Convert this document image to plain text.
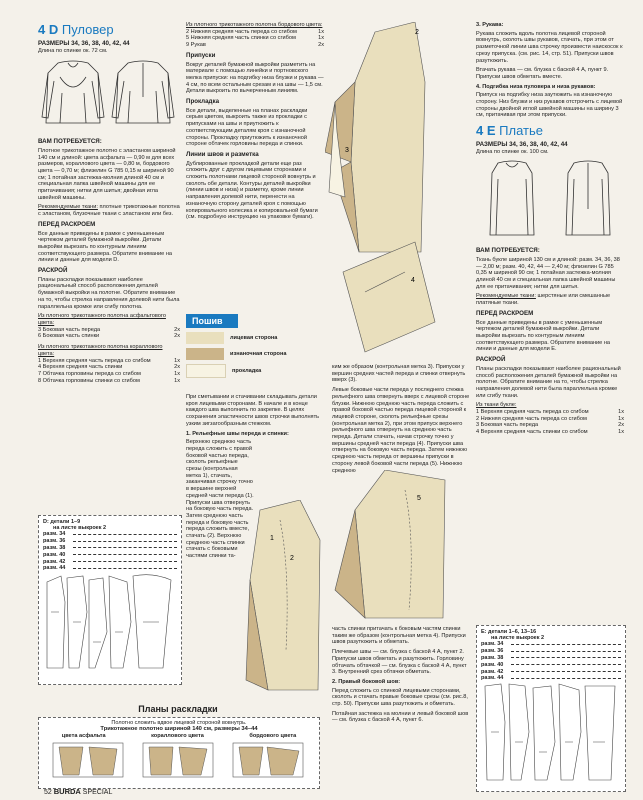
4 D Пуловер
РАЗМЕРЫ 34, 36, 38, 40, 42, 44
Длина по спинке ок. 72 см.
ВАМ ПОТРЕБУЕТСЯ:
Плотное трикотажное полотно с эластаном шириной 140 см и длиной: цвета асфальта — 0,90 м для всех размеров, кораллового цвета — 0,80 м, бордового цвета — 0,70 м; флизелин G 785 0,15 м шириной 90 см; 1 потайная застежка-молния длиной 40 см и специальная лапка швейной машины для ее притачивания; нитки для шитья; двойная игла швейной машины.
Рекомендуемые ткани: плотные трикотажные полотна с эластаном, блузочные ткани с эластаном или без.
ПЕРЕД РАСКРОЕМ
Все данные приведены в рамке с уменьшенным чертежом деталей бумажной выкройки. Детали выкройки вырезать по контурным линиям соответствующего размера. Обратите внимание на линии и данные для модели D.
РАСКРОЙ
Планы раскладки показывают наиболее рациональный способ расположения деталей бумажной выкройки на полотне. Обратите внимание на то, чтобы стрелка направления долевой нити была параллельна кромке или сгибу полотна.
Из плотного трикотажного полотна асфальтового цвета:
3 Боковая часть переда	2x
6 Боковая часть спинки	2x
Из плотного трикотажного полотна кораллового цвета:
1 Верхняя средняя часть переда со сгибом	1x
4 Верхняя средняя часть спинки	2x
7 Обтачка горловины переда со сгибом	1x
8 Обтачка горловины спинки со сгибом	1x
D: детали 1–9
на листе выкроек 2
разм. 34
разм. 36
разм. 38
разм. 40
разм. 42
разм. 44
Из плотного трикотажного полотна бордового цвета:
2 Нижняя средняя часть переда со сгибом	1x
5 Нижняя средняя часть спинки со сгибом	1x
9 Рукав	2x
Припуски
Вокруг деталей бумажной выкройки разметить на материале с помощью линейки и портновского мелка припуски: на подгибку низа блузки и рукава — 4 см, по всем остальным срезам и на швы — 1,5 см. Детали выкроить по вычерченным линиям.
Прокладка
Все детали, выделенные на планах раскладки серым цветом, выкроить также из прокладки с припусками на швы и приутюжить к соответствующим деталям кроя с изнаночной стороны. Прокладку приутюжить к изнаночной стороне обтачек горловины переда и спинки.
Линии швов и разметка
Дублированные прокладкой детали еще раз сложить друг с другом лицевыми сторонами и сложить полотнами лицевой стороной вовнутрь и сколоть обе детали. Контуры деталей выкройки (линии швов и низа) и разметку, кроме линии направления долевой нити, перенести на изнаночную сторону деталей кроя с помощью копировального колесика и копировальной бумаги (см. подробную инструкцию на упаковке бумаги).
Пошив
лицевая сторона
изнаночная сторона
прокладка
При сметывании и стачивании складывать детали кроя лицевыми сторонами. В начале и в конце каждого шва выполнить по закрепке. В целях сохранения эластичности швов строчки выполнять узким зигзагообразным стежком.
1. Рельефные швы переда и спинки:
Верхнюю среднюю часть переда сложить с правой боковой частью переда, сколоть рельефные срезы (контрольная метка 1), стачать, заканчивая строчку точно в вершине верхней средней части переда (1). Припуски шва отвернуть на боковую часть переда. Затем среднюю часть переда и боковую часть переда сложить вместе, стачать (2). Верхнюю среднюю часть спинки стачать с боковыми частями спинки та-	2
1
2
3
4
ким же образом (контрольная метка 3). Припуски у вершин средних частей переда и спинки отвернуть вверх (3).
Левые боковые части переда у последнего стежка рельефного шва отвернуть вверх с лицевой стороне блузки. Нижнюю среднюю часть переда сложить с правой боковой частью переда лицевой стороной к лицевой стороне, сколоть рельефные срезы (контрольная метка 2), при этом припуск верхнего рельефного шва отвернуть на среднюю часть переда. Детали стачать, начав строчку точно у вершины средней части переда (4). Припуски шва отвернуть на боковую часть переда. Затем нижнюю среднюю часть переда от вершины припуски в сторону левой боковой части переда (5). Нижнюю среднюю
5
часть спинки притачать к боковым частям спинки таким же образом (контрольная метка 4). Припуски швов разутюжить и обметать.
Плечевые швы — см. блузка с баской 4 А, пункт 2. Припуски швов обметать и разутюжить. Горловину обтачать обтачкой — см. блузка с баской 4 А, пункт 3. Внутренний срез обтачки обметать.
2. Правый боковой шов:
Перед сложить со спинкой лицевыми сторонами, сколоть и стачать правые боковые срезы (см. рис.8, стр. 50). Припуски шва разутюжить и обметать.
Потайная застежка на молнии и левый боковой шов — см. блузка с баской 4 А, пункт 6.
3. Рукава:
Рукава сложить вдоль полотна лицевой стороной вовнутрь, сколоть швы рукавов, стачать, при этом от разметочной линии шва строчку произвести наискосок к срезу припуска. (см. рис. 14, стр. 51). Припуски швов разутюжить.
Втачать рукава — см. блузка с баской 4 А, пункт 9. Припуски швов обметать вместе.
4. Подгибка низа пуловера и низа рукавов:
Припуск на подгибку низа заутюжить на изнаночную сторону. Низ блузки и низ рукавов отстрочить с лицевой стороны двойной иглой швейной машины на ширину 3 см, притачивая при этом припуски.
4 E Платье
РАЗМЕРЫ 34, 36, 38, 40, 42, 44
Длина по спинке ок. 100 см.
ВАМ ПОТРЕБУЕТСЯ:
Ткань букле шириной 130 см и длиной: разм. 34, 36, 38 — 2,00 м; разм. 40, 42, 44 — 2,40 м; флизелин G 785 0,35 м шириной 90 см; 1 потайная застежка-молния длиной 40 см и специальная лапка швейной машины для ее притачивания; нитки для шитья.
Рекомендуемые ткани: шерстяные или смешанные платяные ткани.
ПЕРЕД РАСКРОЕМ
Все данные приведены в рамке с уменьшенным чертежом деталей бумажной выкройки. Детали выкройки вырезать по контурным линиям соответствующего размера. Обратите внимание на линии и данные для модели E.
РАСКРОЙ
Планы раскладки показывают наиболее рациональный способ расположения деталей бумажной выкройки на полотне. Обратите внимание на то, чтобы стрелка направления долевой нити была параллельна кромке или сгибу ткани.
Из ткани букле:
1 Верхняя средняя часть переда со сгибом	1x
2 Нижняя средняя часть переда со сгибом	1x
3 Боковая часть переда	2x
4 Верхняя средняя часть спинки со сгибом	1x
E: детали 1–6, 13–16
на листе выкроек 2
разм. 34
разм. 36
разм. 38
разм. 40
разм. 42
разм. 44
Планы раскладки
Полотно сложить вдвое лицевой стороной вовнутрь.
Трикотажное полотно шириной 140 см, размеры 34–44
цвета асфальта	кораллового цвета	бордового цвета
52 BURDA SPECIAL
